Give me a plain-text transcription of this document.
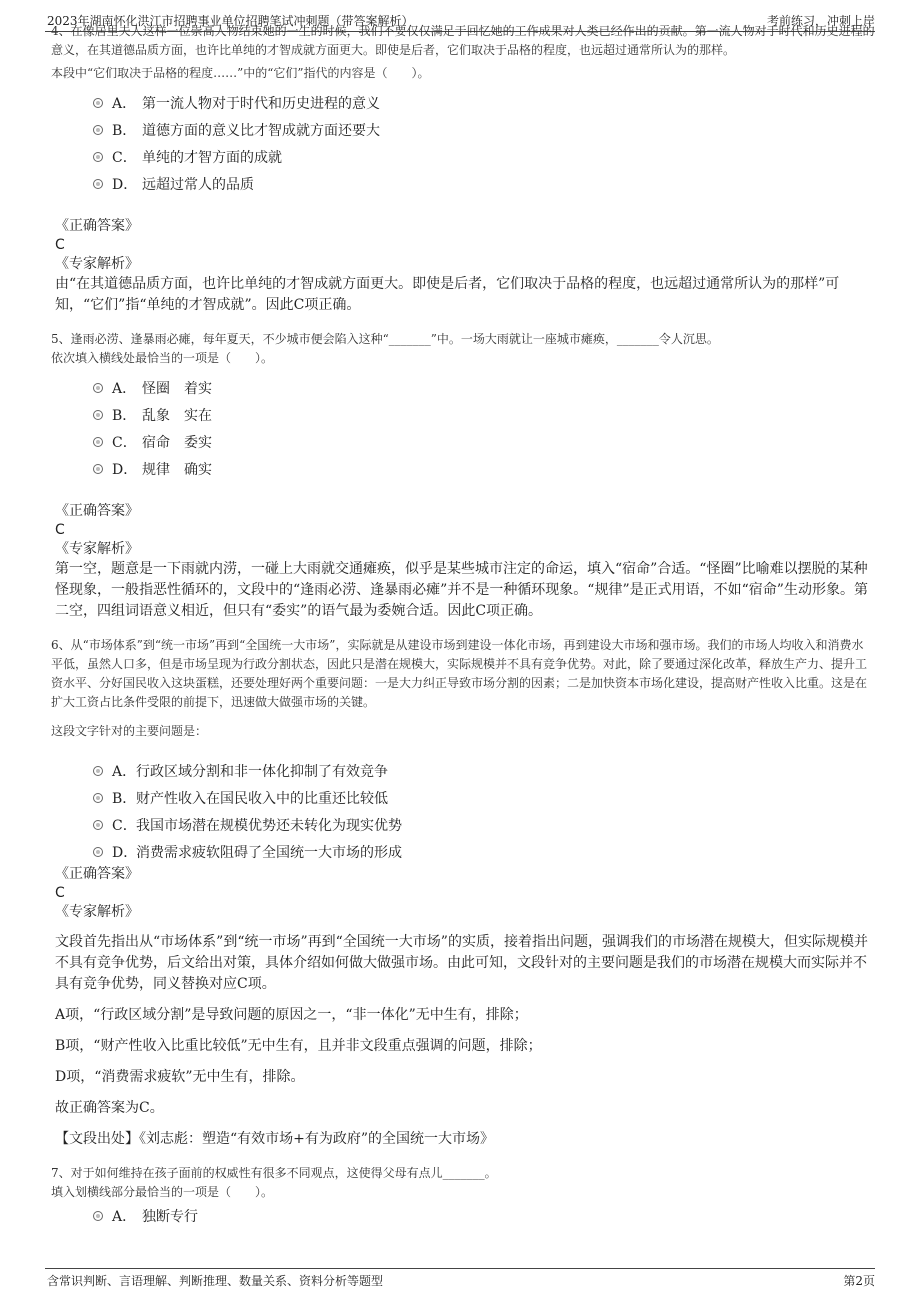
2023年湖南怀化洪江市招聘事业单位招聘笔试冲刺题（带答案解析）	考前练习，冲刺上岸
4、在像居里夫人这样一位崇高人物结束她的一生的时候，我们不要仅仅满足于回忆她的工作成果对人类已经作出的贡献。第一流人物对于时代和历史进程的意义，在其道德品质方面，也许比单纯的才智成就方面更大。即使是后者，它们取决于品格的程度，也远超过通常所认为的那样。
本段中“它们取决于品格的程度……”中的“它们”指代的内容是（　　）。
A． 第一流人物对于时代和历史进程的意义
B． 道德方面的意义比才智成就方面还要大
C． 单纯的才智方面的成就
D． 远超过常人的品质
《正确答案》
C
《专家解析》
由“在其道德品质方面，也许比单纯的才智成就方面更大。即使是后者，它们取决于品格的程度，也远超过通常所认为的那样”可知，“它们”指“单纯的才智成就”。因此C项正确。
5、逢雨必涝、逢暴雨必瘫，每年夏天，不少城市便会陷入这种“_______”中。一场大雨就让一座城市瘫痪，_______令人沉思。
依次填入横线处最恰当的一项是（　　）。
A． 怪圈　着实
B． 乱象　实在
C． 宿命　委实
D． 规律　确实
《正确答案》
C
《专家解析》
第一空，题意是一下雨就内涝，一碰上大雨就交通瘫痪，似乎是某些城市注定的命运，填入“宿命”合适。“怪圈”比喻难以摆脱的某种怪现象，一般指恶性循环的，文段中的“逢雨必涝、逢暴雨必瘫”并不是一种循环现象。“规律”是正式用语，不如“宿命”生动形象。第二空，四组词语意义相近，但只有“委实”的语气最为委婉合适。因此C项正确。
6、从“市场体系”到“统一市场”再到“全国统一大市场”，实际就是从建设市场到建设一体化市场，再到建设大市场和强市场。我们的市场人均收入和消费水平低，虽然人口多，但是市场呈现为行政分割状态，因此只是潜在规模大，实际规模并不具有竞争优势。对此，除了要通过深化改革，释放生产力、提升工资水平、分好国民收入这块蛋糕，还要处理好两个重要问题：一是大力纠正导致市场分割的因素；二是加快资本市场化建设，提高财产性收入比重。这是在扩大工资占比条件受限的前提下，迅速做大做强市场的关键。
这段文字针对的主要问题是：
A． 行政区域分割和非一体化抑制了有效竞争
B． 财产性收入在国民收入中的比重还比较低
C． 我国市场潜在规模优势还未转化为现实优势
D．
消费需求疲软阻碍了全国统一大市场的形成
《正确答案》
C
《专家解析》
文段首先指出从“市场体系”到“统一市场”再到“全国统一大市场”的实质，接着指出问题，强调我们的市场潜在规模大，但实际规模并不具有竞争优势，后文给出对策，具体介绍如何做大做强市场。由此可知，文段针对的主要问题是我们的市场潜在规模大而实际并不具有竞争优势，同义替换对应C项。
A项，“行政区域分割”是导致问题的原因之一，“非一体化”无中生有，排除；
B项，“财产性收入比重比较低”无中生有，且并非文段重点强调的问题，排除；
D项，“消费需求疲软”无中生有，排除。
故正确答案为C。
【文段出处】《刘志彪：塑造“有效市场+有为政府”的全国统一大市场》
7、对于如何维持在孩子面前的权威性有很多不同观点，这使得父母有点儿_______。
填入划横线部分最恰当的一项是（　　）。
A． 独断专行
含常识判断、言语理解、判断推理、数量关系、资料分析等题型	第2页
